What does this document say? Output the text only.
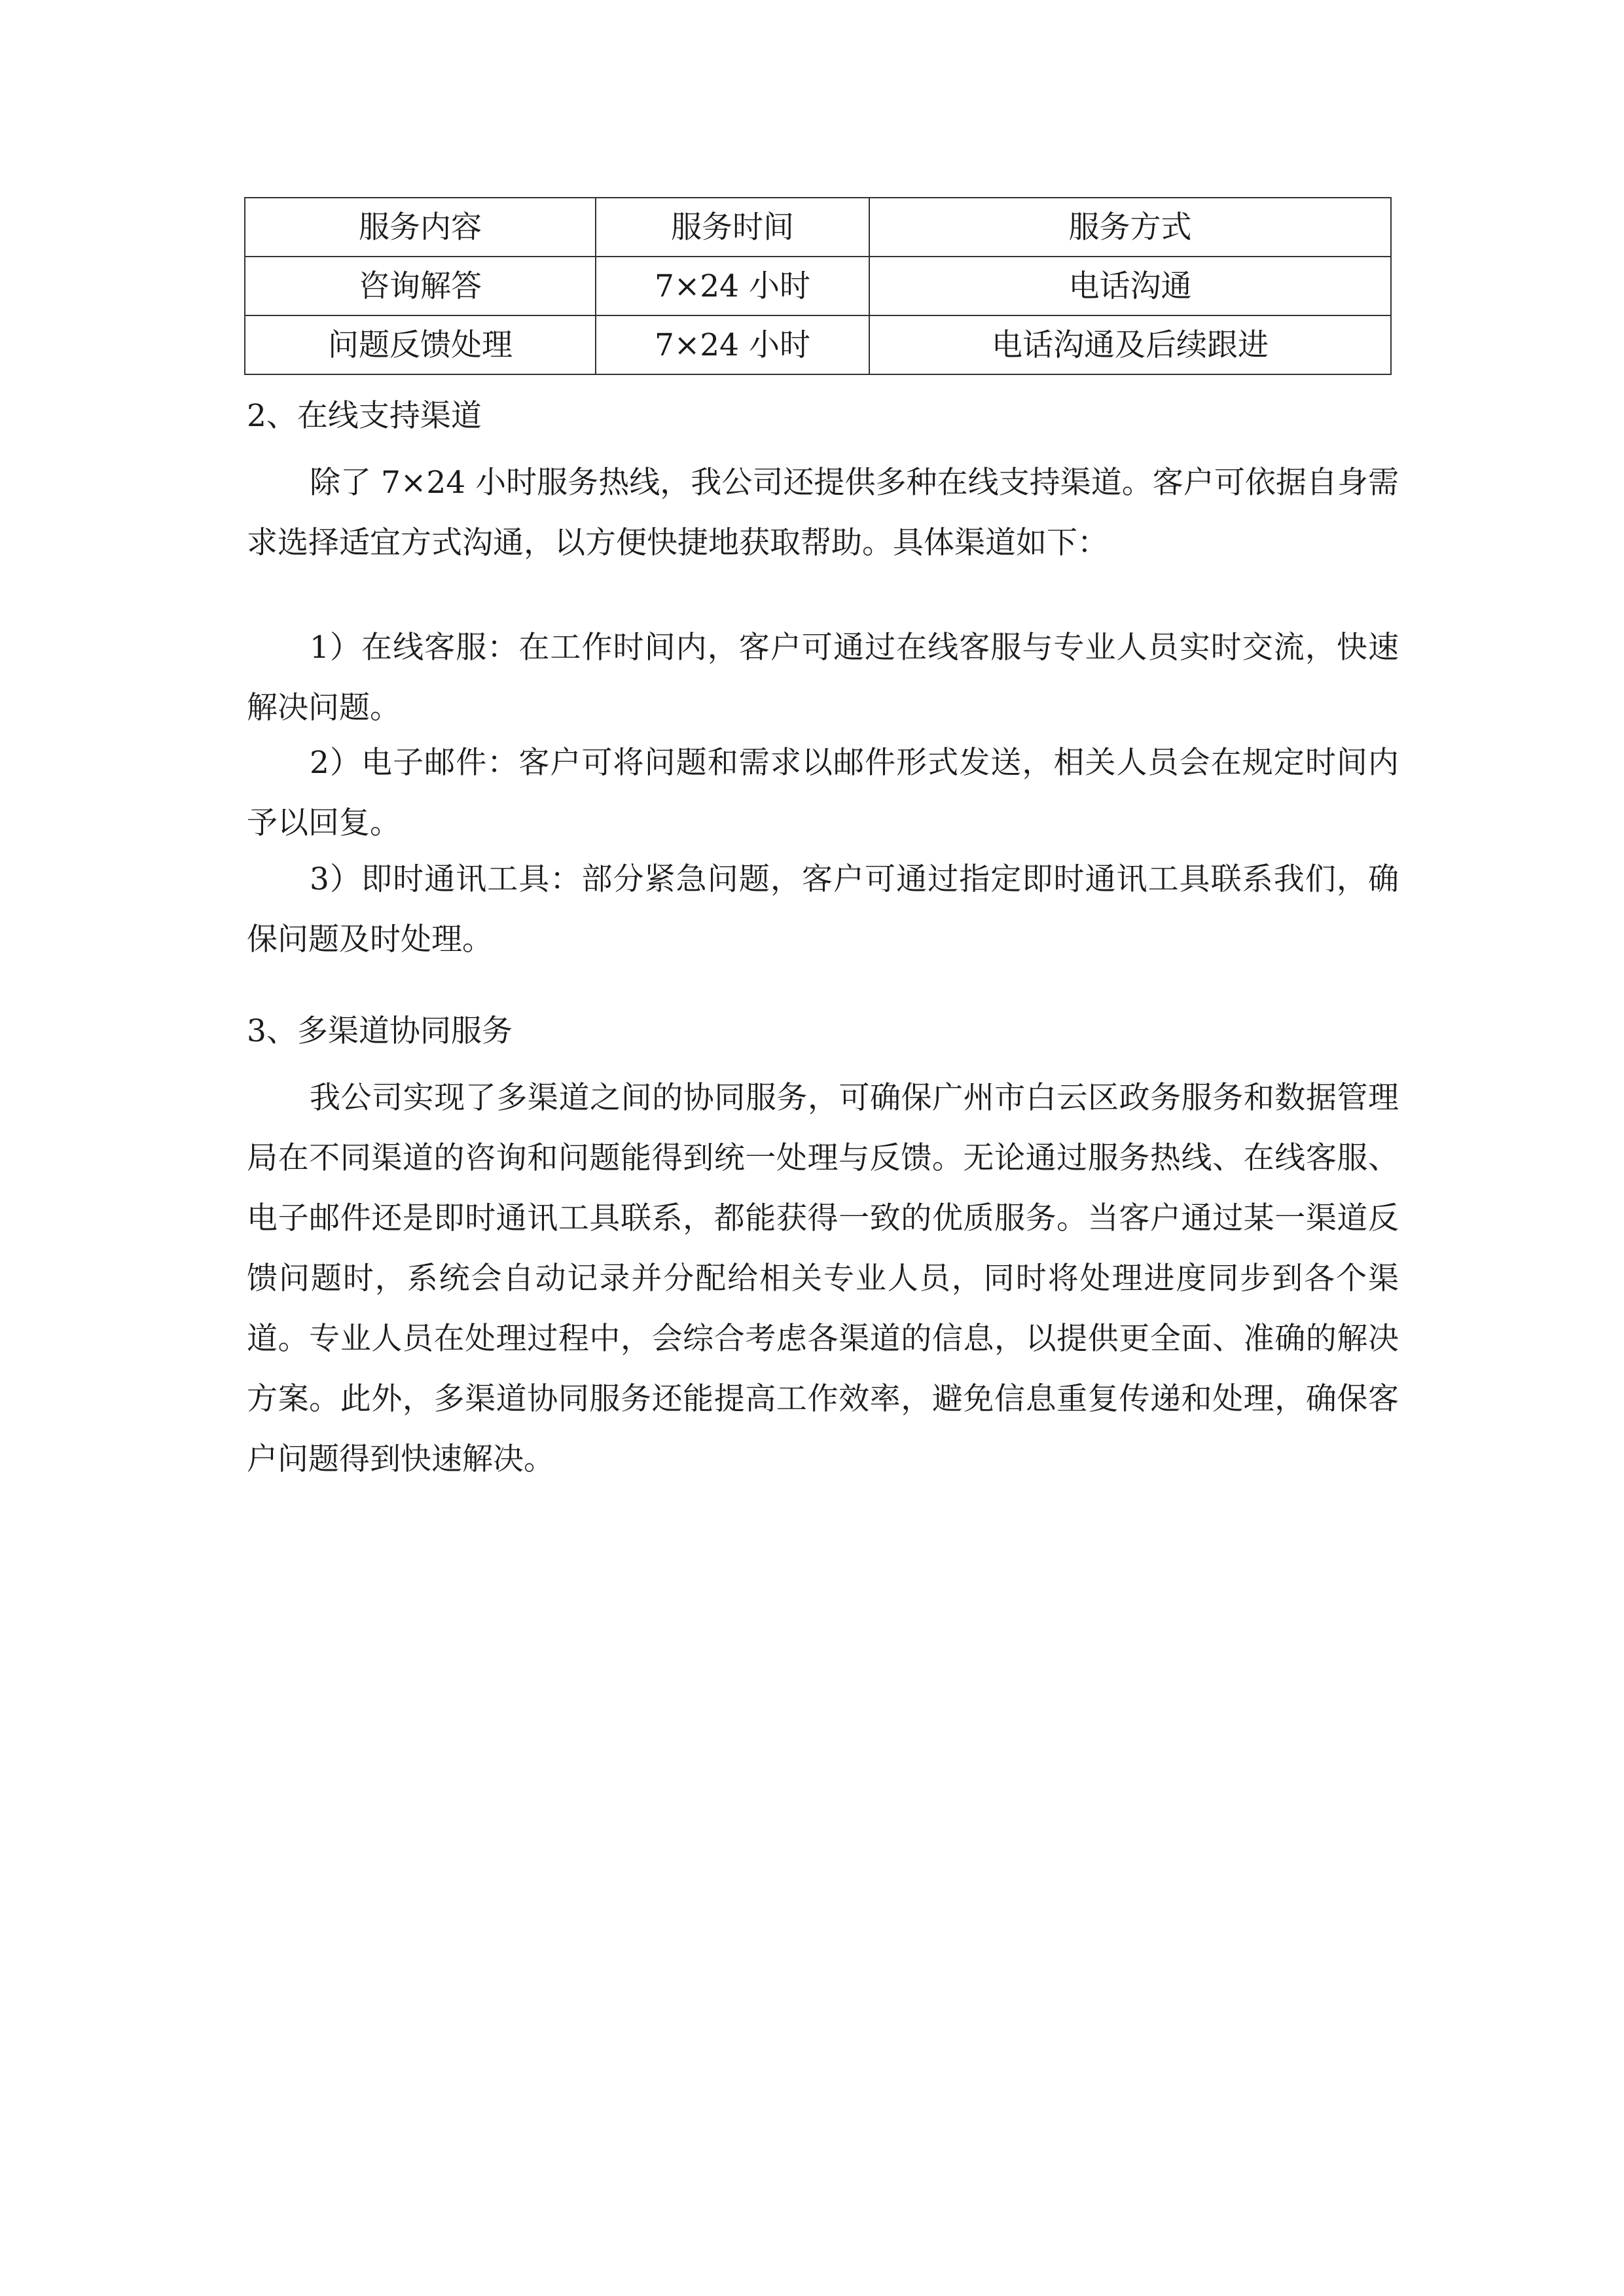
服务内容	服务时间	服务方式
咨询解答	7×24 小时	电话沟通
问题反馈处理	7×24 小时	电话沟通及后续跟进
2、在线支持渠道

除了 7×24 小时服务热线，我公司还提供多种在线支持渠道。客户可依据自身需求选择适宜方式沟通，以方便快捷地获取帮助。具体渠道如下：

1）在线客服：在工作时间内，客户可通过在线客服与专业人员实时交流，快速解决问题。

2）电子邮件：客户可将问题和需求以邮件形式发送，相关人员会在规定时间内予以回复。

3）即时通讯工具：部分紧急问题，客户可通过指定即时通讯工具联系我们，确保问题及时处理。

3、多渠道协同服务

我公司实现了多渠道之间的协同服务，可确保广州市白云区政务服务和数据管理局在不同渠道的咨询和问题能得到统一处理与反馈。无论通过服务热线、在线客服、电子邮件还是即时通讯工具联系，都能获得一致的优质服务。当客户通过某一渠道反馈问题时，系统会自动记录并分配给相关专业人员，同时将处理进度同步到各个渠道。专业人员在处理过程中，会综合考虑各渠道的信息，以提供更全面、准确的解决方案。此外，多渠道协同服务还能提高工作效率，避免信息重复传递和处理，确保客户问题得到快速解决。
